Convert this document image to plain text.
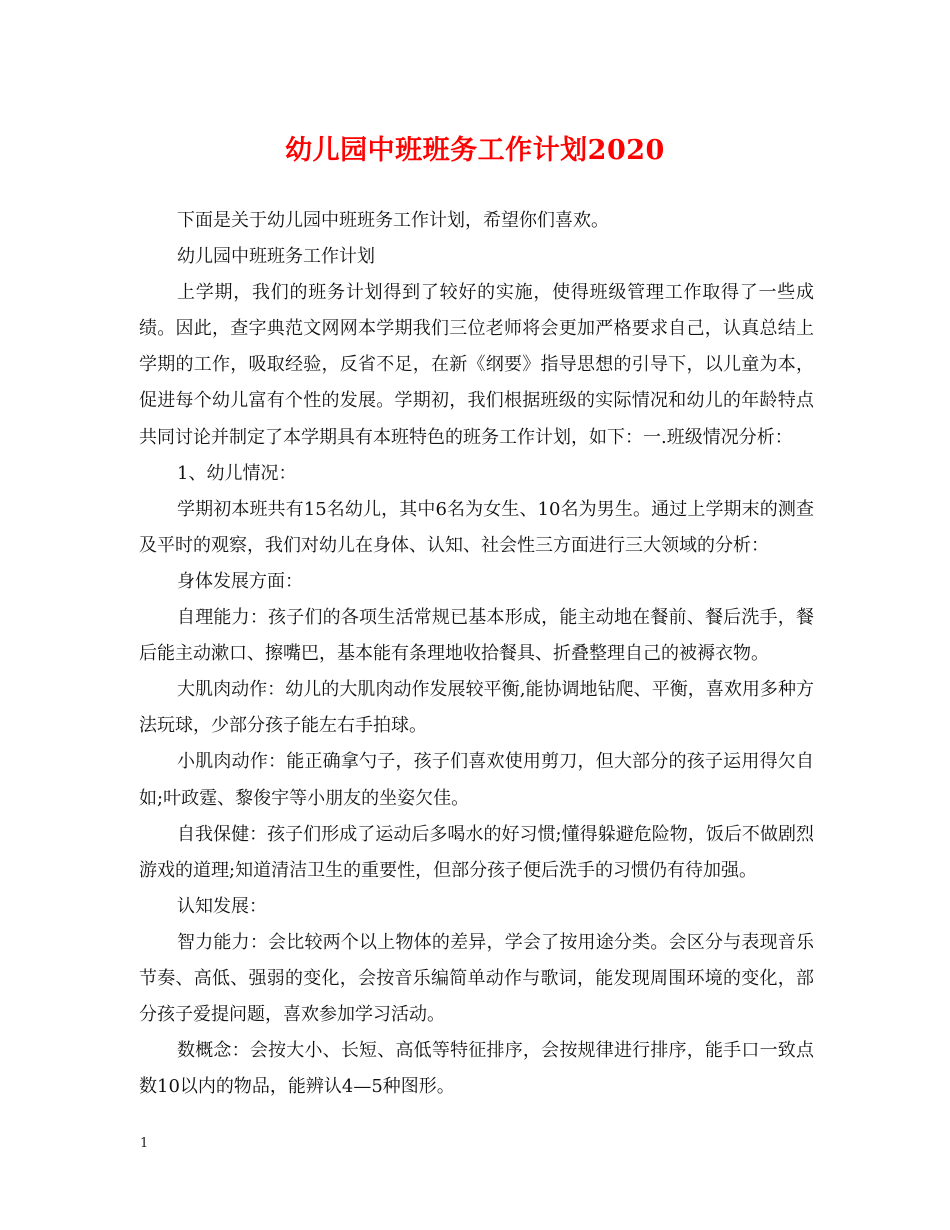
幼儿园中班班务工作计划2020

下面是关于幼儿园中班班务工作计划，希望你们喜欢。

幼儿园中班班务工作计划

上学期，我们的班务计划得到了较好的实施，使得班级管理工作取得了一些成绩。因此，查字典范文网网本学期我们三位老师将会更加严格要求自己，认真总结上学期的工作，吸取经验，反省不足，在新《纲要》指导思想的引导下，以儿童为本，促进每个幼儿富有个性的发展。学期初，我们根据班级的实际情况和幼儿的年龄特点共同讨论并制定了本学期具有本班特色的班务工作计划，如下：一.班级情况分析：

1、幼儿情况：

学期初本班共有15名幼儿，其中6名为女生、10名为男生。通过上学期末的测查及平时的观察，我们对幼儿在身体、认知、社会性三方面进行三大领域的分析：

身体发展方面：

自理能力：孩子们的各项生活常规已基本形成，能主动地在餐前、餐后洗手，餐后能主动漱口、擦嘴巴，基本能有条理地收拾餐具、折叠整理自己的被褥衣物。

大肌肉动作：幼儿的大肌肉动作发展较平衡,能协调地钻爬、平衡，喜欢用多种方法玩球，少部分孩子能左右手拍球。

小肌肉动作：能正确拿勺子，孩子们喜欢使用剪刀，但大部分的孩子运用得欠自如;叶政霆、黎俊宇等小朋友的坐姿欠佳。

自我保健：孩子们形成了运动后多喝水的好习惯;懂得躲避危险物，饭后不做剧烈游戏的道理;知道清洁卫生的重要性，但部分孩子便后洗手的习惯仍有待加强。

认知发展：

智力能力：会比较两个以上物体的差异，学会了按用途分类。会区分与表现音乐节奏、高低、强弱的变化，会按音乐编简单动作与歌词，能发现周围环境的变化，部分孩子爱提问题，喜欢参加学习活动。

数概念：会按大小、长短、高低等特征排序，会按规律进行排序，能手口一致点数10以内的物品，能辨认4—5种图形。

1
